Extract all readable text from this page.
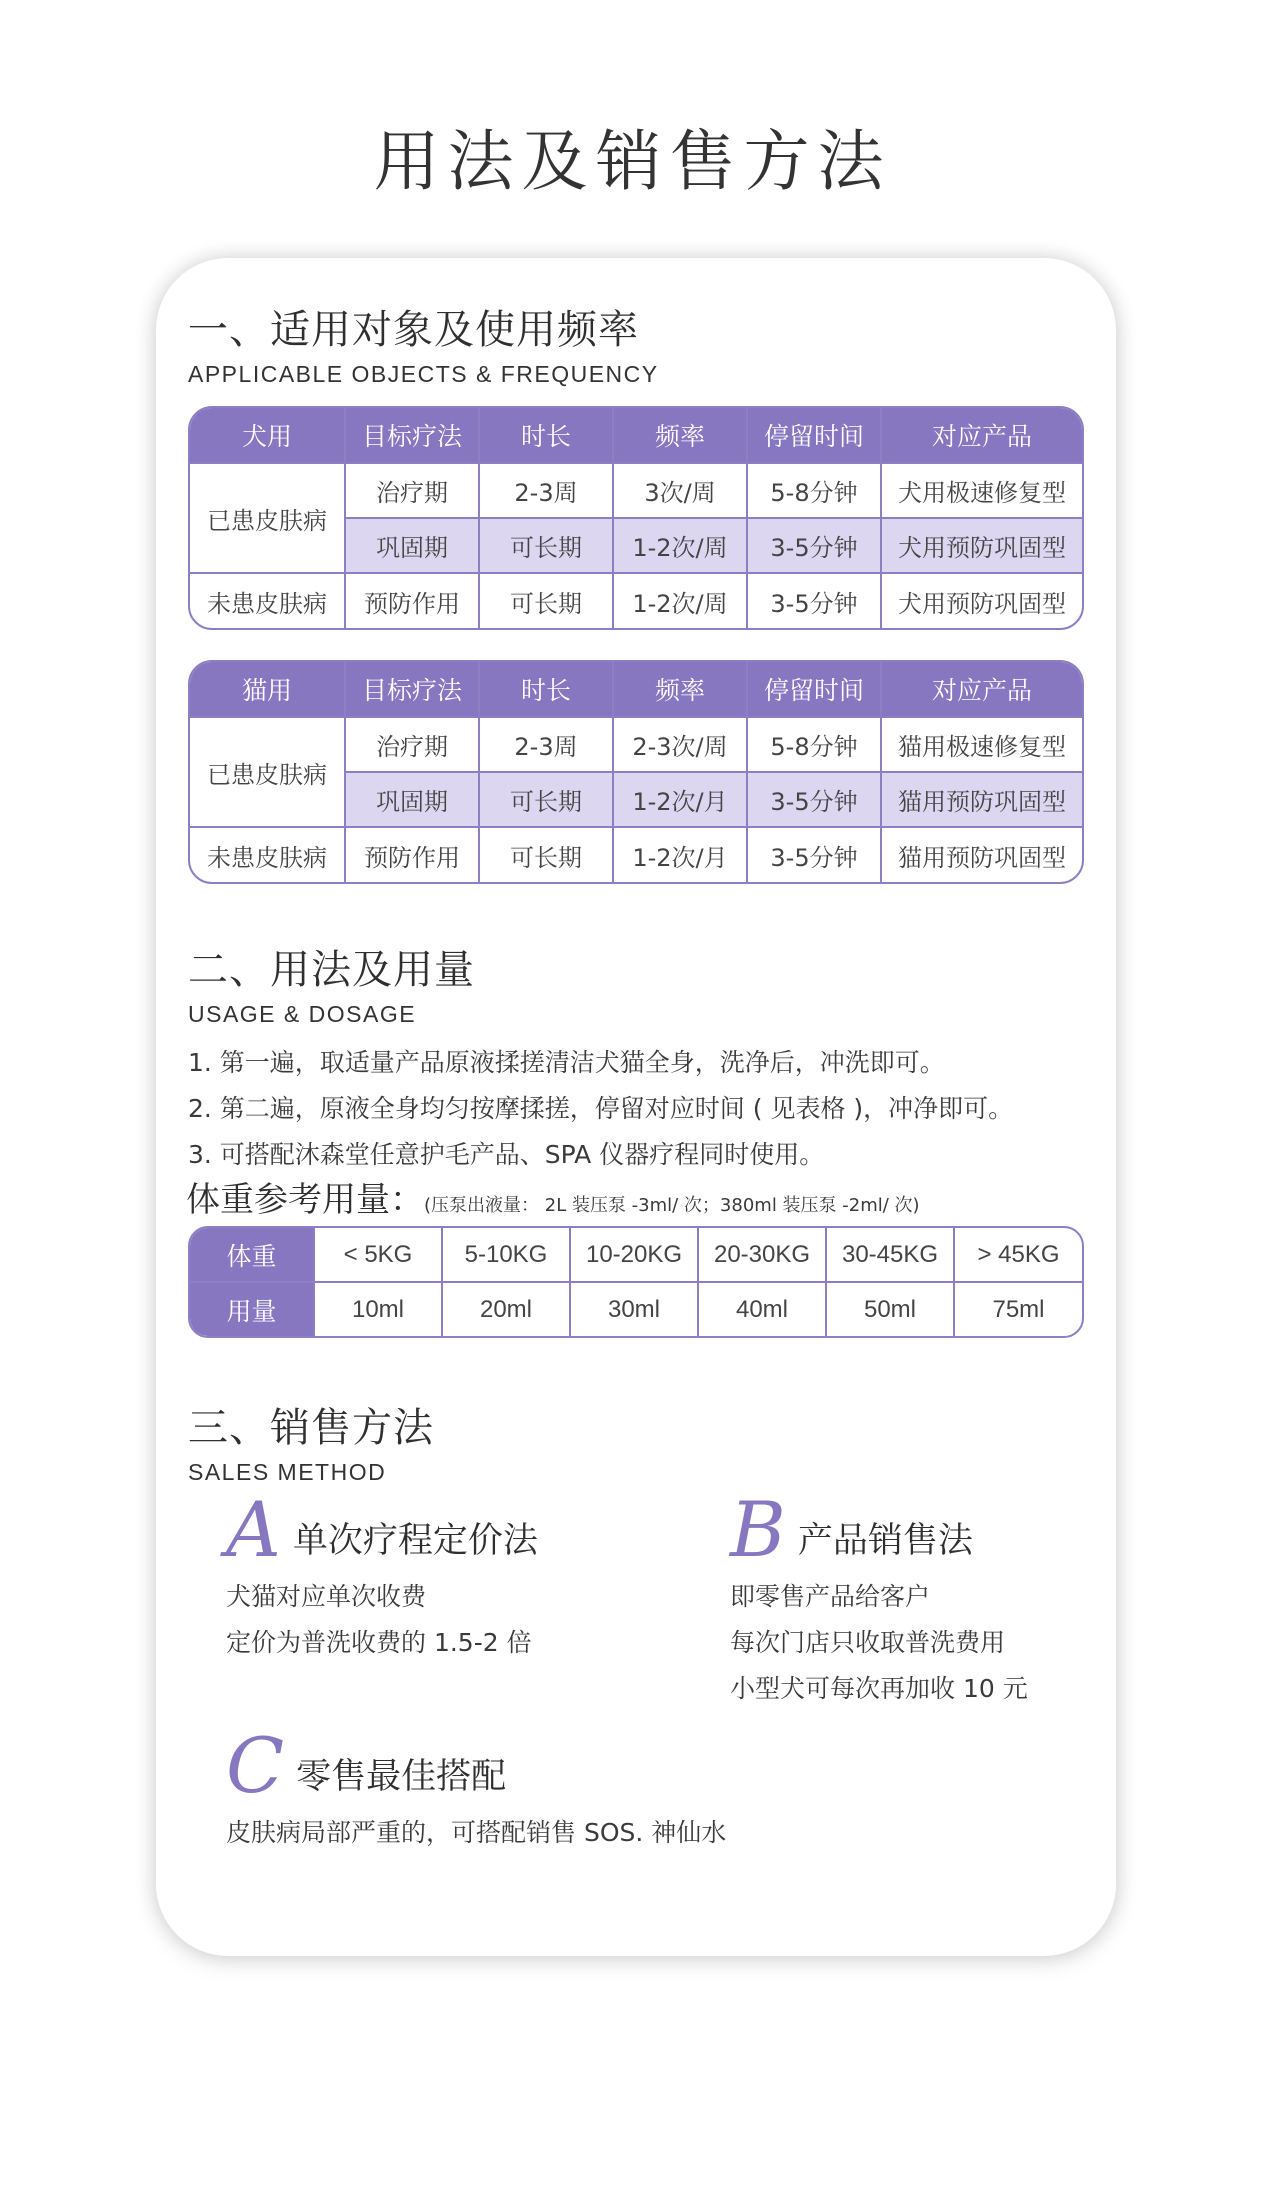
用法及销售方法
一、适用对象及使用频率
APPLICABLE OBJECTS & FREQUENCY
犬用	目标疗法	时长	频率	停留时间	对应产品
已患皮肤病	治疗期	2-3周	3次/周	5-8分钟	犬用极速修复型
	巩固期	可长期	1-2次/周	3-5分钟	犬用预防巩固型
未患皮肤病	预防作用	可长期	1-2次/周	3-5分钟	犬用预防巩固型
猫用	目标疗法	时长	频率	停留时间	对应产品
已患皮肤病	治疗期	2-3周	2-3次/周	5-8分钟	猫用极速修复型
	巩固期	可长期	1-2次/月	3-5分钟	猫用预防巩固型
未患皮肤病	预防作用	可长期	1-2次/月	3-5分钟	猫用预防巩固型
二、用法及用量
USAGE & DOSAGE
1. 第一遍，取适量产品原液揉搓清洁犬猫全身，洗净后，冲洗即可。
2. 第二遍，原液全身均匀按摩揉搓，停留对应时间 ( 见表格 )，冲净即可。
3. 可搭配沐森堂任意护毛产品、SPA 仪器疗程同时使用。
体重参考用量：(压泵出液量： 2L 装压泵 -3ml/ 次；380ml 装压泵 -2ml/ 次)
体重	< 5KG	5-10KG	10-20KG	20-30KG	30-45KG	> 45KG
用量	10ml	20ml	30ml	40ml	50ml	75ml
三、销售方法
SALES METHOD
A 单次疗程定价法
犬猫对应单次收费
定价为普洗收费的 1.5-2 倍
B 产品销售法
即零售产品给客户
每次门店只收取普洗费用
小型犬可每次再加收 10 元
C 零售最佳搭配
皮肤病局部严重的，可搭配销售 SOS. 神仙水
